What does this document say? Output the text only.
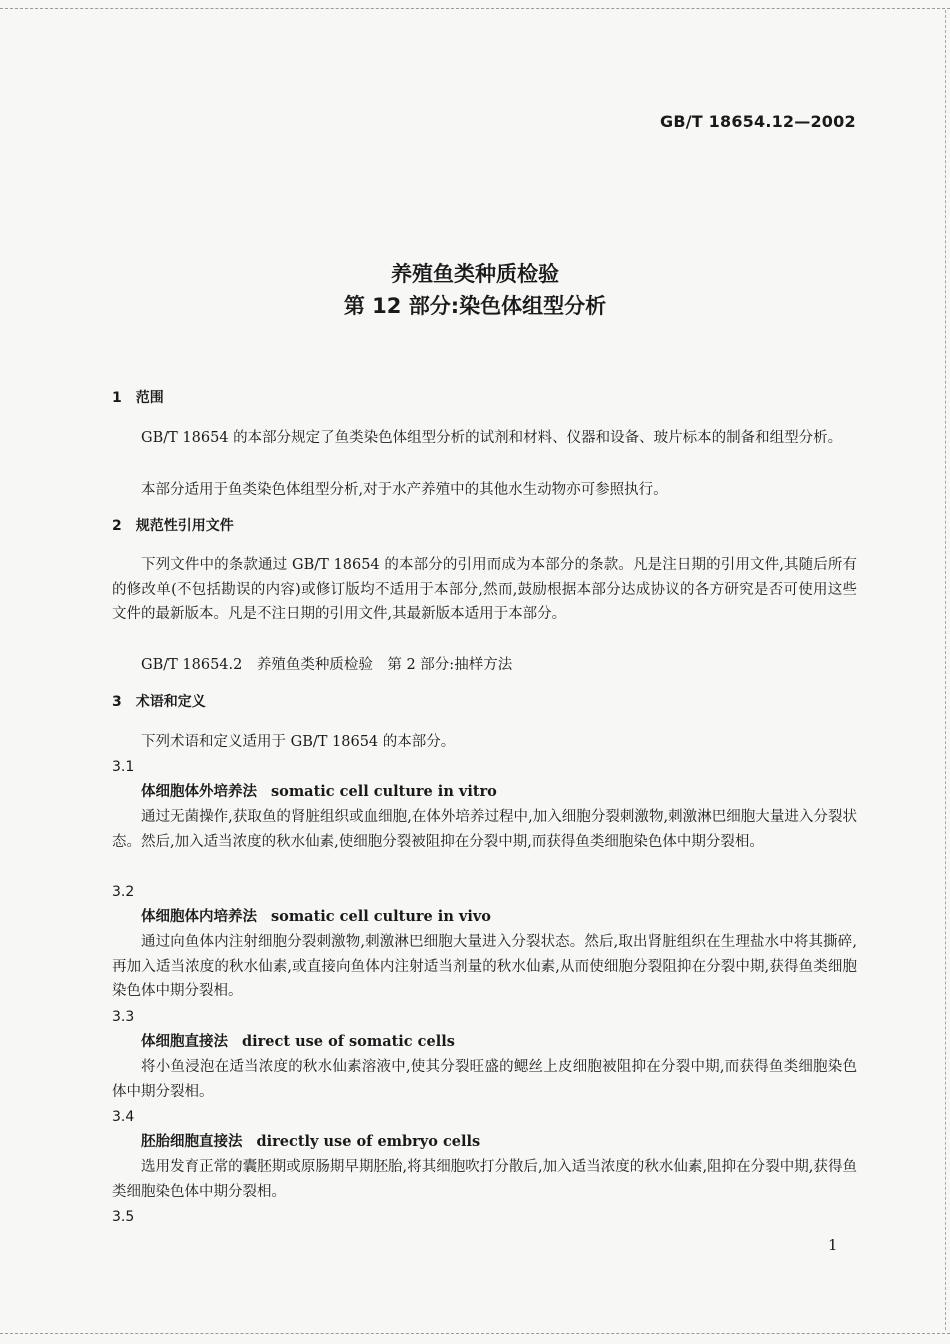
GB/T 18654.12—2002
养殖鱼类种质检验
第 12 部分:染色体组型分析
1　范围
GB/T 18654 的本部分规定了鱼类染色体组型分析的试剂和材料、仪器和设备、玻片标本的制备和组型分析。
本部分适用于鱼类染色体组型分析,对于水产养殖中的其他水生动物亦可参照执行。
2　规范性引用文件
下列文件中的条款通过 GB/T 18654 的本部分的引用而成为本部分的条款。凡是注日期的引用文件,其随后所有的修改单(不包括勘误的内容)或修订版均不适用于本部分,然而,鼓励根据本部分达成协议的各方研究是否可使用这些文件的最新版本。凡是不注日期的引用文件,其最新版本适用于本部分。
GB/T 18654.2　养殖鱼类种质检验　第 2 部分:抽样方法
3　术语和定义
下列术语和定义适用于 GB/T 18654 的本部分。
3.1
体细胞体外培养法 somatic cell culture in vitro
通过无菌操作,获取鱼的肾脏组织或血细胞,在体外培养过程中,加入细胞分裂刺激物,刺激淋巴细胞大量进入分裂状态。然后,加入适当浓度的秋水仙素,使细胞分裂被阻抑在分裂中期,而获得鱼类细胞染色体中期分裂相。
3.2
体细胞体内培养法 somatic cell culture in vivo
通过向鱼体内注射细胞分裂刺激物,刺激淋巴细胞大量进入分裂状态。然后,取出肾脏组织在生理盐水中将其撕碎,再加入适当浓度的秋水仙素,或直接向鱼体内注射适当剂量的秋水仙素,从而使细胞分裂阻抑在分裂中期,获得鱼类细胞染色体中期分裂相。
3.3
体细胞直接法 direct use of somatic cells
将小鱼浸泡在适当浓度的秋水仙素溶液中,使其分裂旺盛的鳃丝上皮细胞被阻抑在分裂中期,而获得鱼类细胞染色体中期分裂相。
3.4
胚胎细胞直接法 directly use of embryo cells
选用发育正常的囊胚期或原肠期早期胚胎,将其细胞吹打分散后,加入适当浓度的秋水仙素,阻抑在分裂中期,获得鱼类细胞染色体中期分裂相。
3.5
1
